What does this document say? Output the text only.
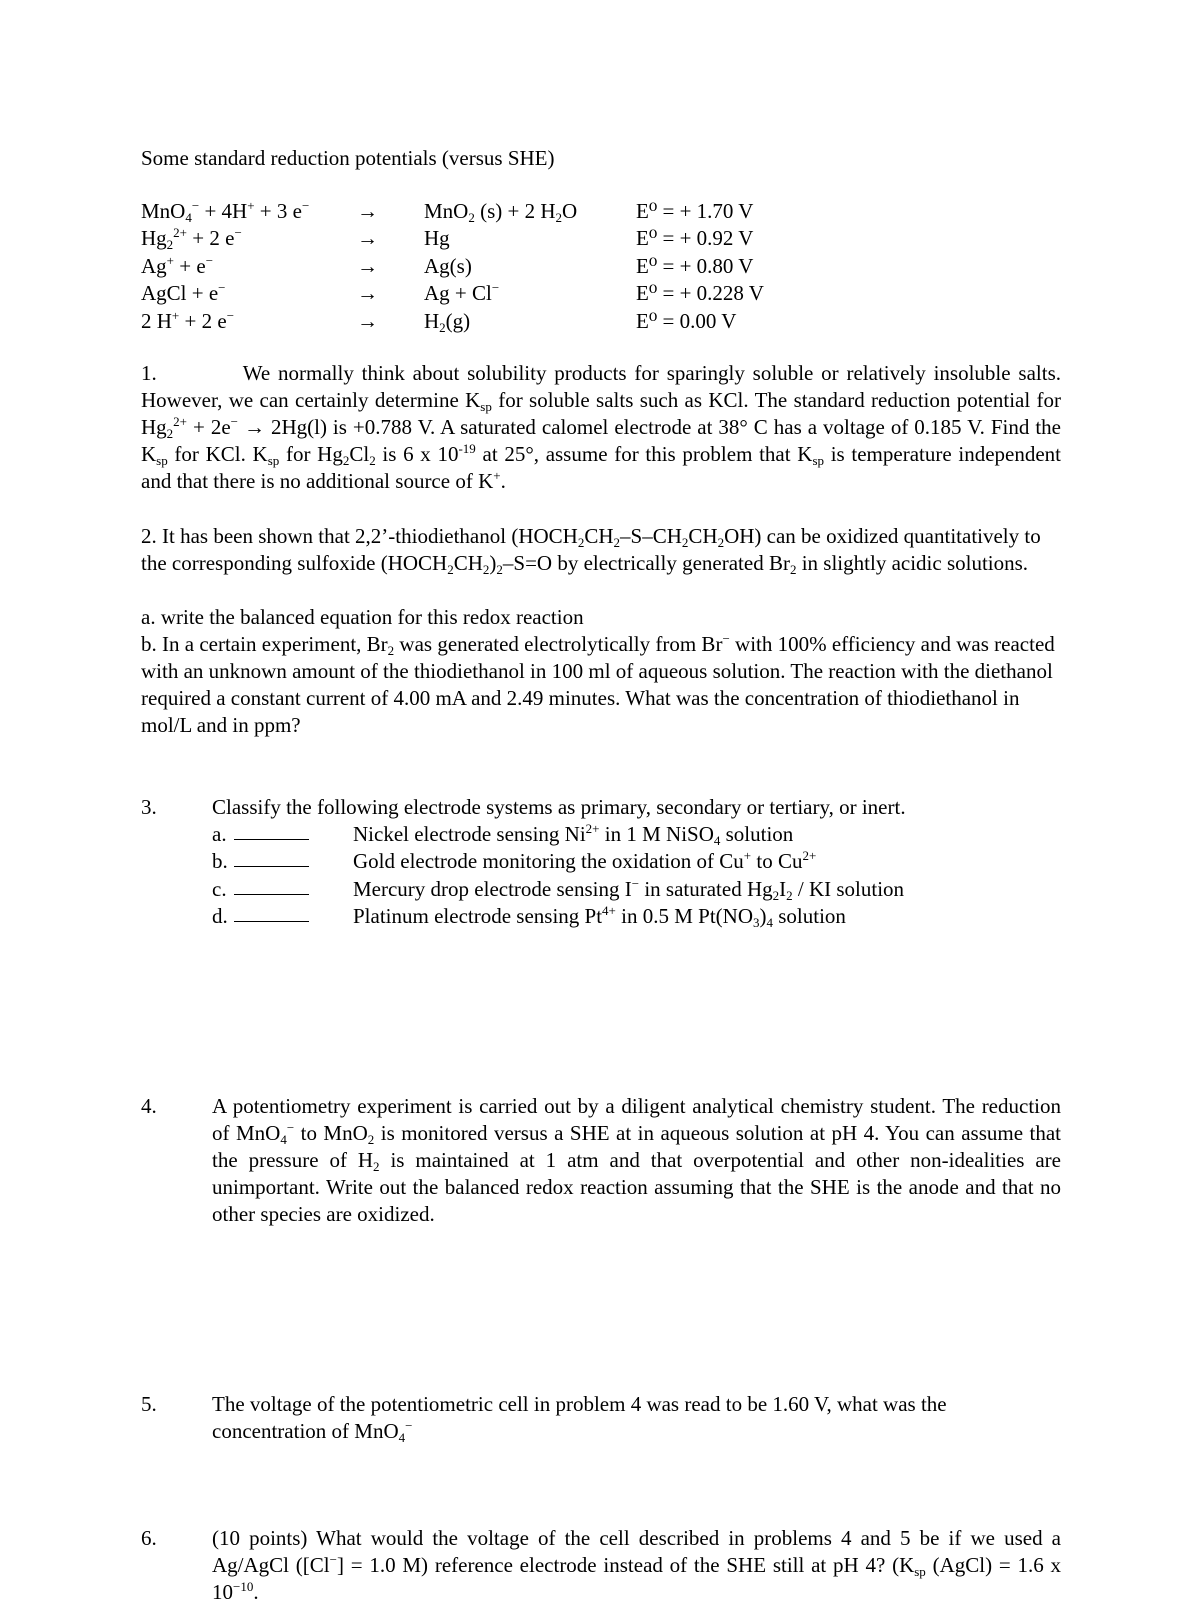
Some standard reduction potentials (versus SHE)
MnO$_4$− + 4H+ + 3 e− → MnO$_2$ (s) + 2 $H_2O$	E⁰ = + 1.70 V
$Hg_2^{2+} + 2$ e−	→ Hg	E⁰ = + 0.92 V
Ag+ + e−	→ Ag(s)	E⁰ = + 0.80 V
AgCl + e−	→ Ag + Cl−	E⁰ = + 0.228 V
2 H+ + 2 e−	→ $H_2(g)$	E⁰ = 0.00 V

1.           We normally think about solubility products for sparingly soluble or relatively insoluble salts. However, we can certainly determine $K_{sp}$ for soluble salts such as KCl. The standard reduction potential for $Hg_2^{2+} + 2e^- \to 2Hg(l)$ is +0.788 V. A saturated calomel electrode at 38° C has a voltage of 0.185 V. Find the $K_{sp}$ for KCl. $K_{sp}$ for $Hg_2Cl_2$ is 6 x $10^{-19}$ at 25°, assume for this problem that $K_{sp}$ is temperature independent and that there is no additional source of K+.

2. It has been shown that 2,2’-thiodiethanol $(HOCH_2CH_2-S-CH_2CH_2OH)$ can be oxidized quantitatively to the corresponding sulfoxide $(HOCH_2CH_2)_2-S=O$ by electrically generated $Br_2$ in slightly acidic solutions.

a. write the balanced equation for this redox reaction

b. In a certain experiment, $Br_2$ was generated electrolytically from Br− with 100% efficiency and was reacted with an unknown amount of the thiodiethanol in 100 ml of aqueous solution. The reaction with the diethanol required a constant current of 4.00 mA and 2.49 minutes. What was the concentration of thiodiethanol in mol/L and in ppm?

3.	Classify the following electrode systems as primary, secondary or tertiary, or inert.

a.	Nickel electrode sensing $Ni^{2+}$ in 1 M NiSO$_4$ solution
b.	Gold electrode monitoring the oxidation of Cu+ to $Cu^{2+}$
c.	Mercury drop electrode sensing I− in saturated $Hg_2I_2$ / KI solution
d.	Platinum electrode sensing $Pt^{4+}$ in 0.5 M $Pt(NO_3)_4$ solution
4.	A potentiometry experiment is carried out by a diligent analytical chemistry student. The reduction of MnO$_4$− to MnO$_2$ is monitored versus a SHE at in aqueous solution at pH 4. You can assume that the pressure of $H_2$ is maintained at 1 atm and that overpotential and other non-idealities are unimportant. Write out the balanced redox reaction assuming that the SHE is the anode and that no other species are oxidized.

5.	The voltage of the potentiometric cell in problem 4 was read to be 1.60 V, what was the concentration of MnO$_4$−

6.	(10 points) What would the voltage of the cell described in problems 4 and 5 be if we used a Ag/AgCl ([Cl−] = 1.0 M) reference electrode instead of the SHE still at pH 4? ($K_{sp}$ (AgCl) = 1.6 x $10^{-10}$.
